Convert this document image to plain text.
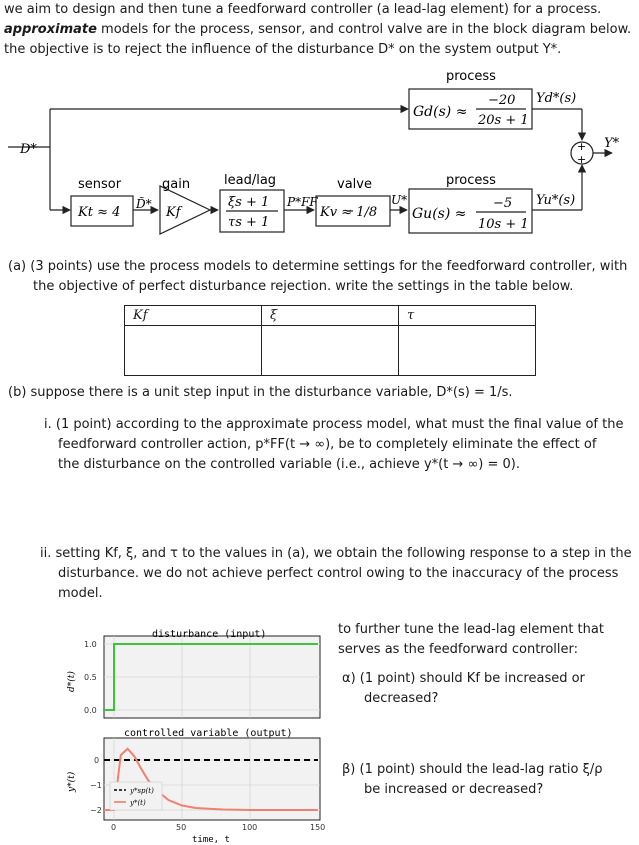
we aim to design and then tune a feedforward controller (a lead-lag element) for a process.
approximate models for the process, sensor, and control valve are in the block diagram below.
the objective is to reject the influence of the disturbance D* on the system output Y*.
process
Gd(s) ≈
−20
20s + 1
Yd*(s)
D*	Y*
+
+
sensor
Kt ≈ 4
gain
D̃*
Kf
lead/lag
ξs + 1
τs + 1
P*FF
valve
Kv ≈ 1/8
U*
process
Gu(s) ≈
−5
10s + 1
Yu*(s)
(a) (3 points) use the process models to determine settings for the feedforward controller, with
the objective of perfect disturbance rejection. write the settings in the table below.
Kf	ξ	τ

(b) suppose there is a unit step input in the disturbance variable, D*(s) = 1/s.
i. (1 point) according to the approximate process model, what must the final value of the
feedforward controller action, p*FF(t → ∞), be to completely eliminate the effect of
the disturbance on the controlled variable (i.e., achieve y*(t → ∞) = 0).
ii. setting Kf, ξ, and τ to the values in (a), we obtain the following response to a step in the
disturbance. we do not achieve perfect control owing to the inaccuracy of the process
model.
disturbance (input)
1.0
0.5
0.0
d*(t)
controlled variable (output)
0
−1
−2
y*(t)	y*sp(t)
y*(t)
0	50	100	150
time, t
to further tune the lead-lag element that
serves as the feedforward controller:
α) (1 point) should Kf be increased or
decreased?
β) (1 point) should the lead-lag ratio ξ/ρ
be increased or decreased?
